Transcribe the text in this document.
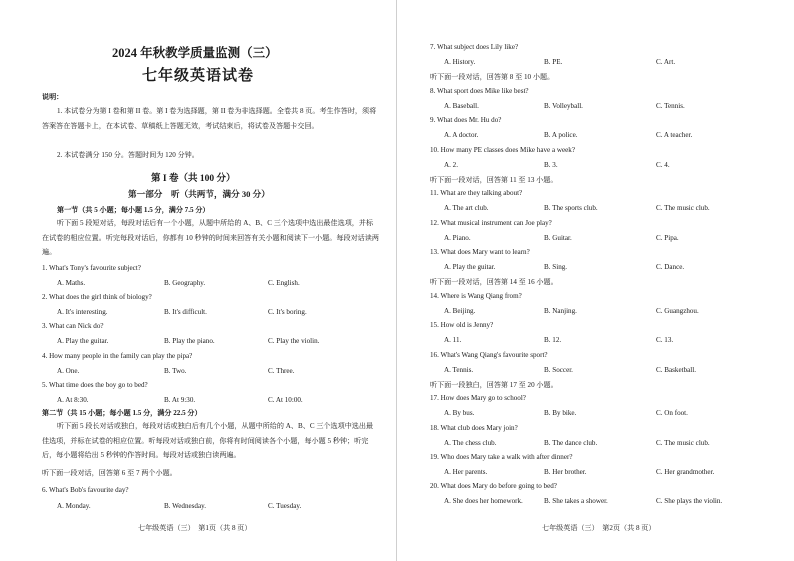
2024 年秋教学质量监测（三）
七年级英语试卷
说明：
1. 本试卷分为第 I 卷和第 II 卷。第 I 卷为选择题，第 II 卷为非选择题。全卷共 8 页。考生作答时，须将答案答在答题卡上，在本试卷、草稿纸上答题无效，考试结束后，将试卷及答题卡交回。
2. 本试卷满分 150 分。答题时间为 120 分钟。
第 I 卷（共 100 分）
第一部分　听（共两节，满分 30 分）
第一节（共 5 小题；每小题 1.5 分，满分 7.5 分）
听下面 5 段短对话，每段对话后有一个小题，从题中所给的 A、B、C 三个选项中选出最佳选项，并标在试卷的相应位置。听完每段对话后，你都有 10 秒钟的时间来回答有关小题和阅读下一小题。每段对话读两遍。
1. What's Tony's favourite subject?
A. Maths.	B. Geography.	C. English.
2. What does the girl think of biology?
A. It's interesting.	B. It's difficult.	C. It's boring.
3. What can Nick do?
A. Play the guitar.	B. Play the piano.	C. Play the violin.
4. How many people in the family can play the pipa?
A. One.	B. Two.	C. Three.
5. What time does the boy go to bed?
A. At 8:30.	B. At 9:30.	C. At 10:00.
第二节（共 15 小题；每小题 1.5 分，满分 22.5 分）
听下面 5 段长对话或独白，每段对话或独白后有几个小题，从题中所给的 A、B、C 三个选项中选出最佳选项，并标在试卷的相应位置。听每段对话或独白前，你将有时间阅读各个小题，每小题 5 秒钟；听完后，每小题将给出 5 秒钟的作答时间。每段对话或独白读两遍。
听下面一段对话，回答第 6 至 7 两个小题。
6. What's Bob's favourite day?
A. Monday.	B. Wednesday.	C. Tuesday.
七年级英语（三）　第1页（共 8 页）
7. What subject does Lily like?
A. History.	B. PE.	C. Art.
听下面一段对话，回答第 8 至 10 小题。
8. What sport does Mike like best?
A. Baseball.	B. Volleyball.	C. Tennis.
9. What does Mr. Hu do?
A. A doctor.	B. A police.	C. A teacher.
10. How many PE classes does Mike have a week?
A. 2.	B. 3.	C. 4.
听下面一段对话，回答第 11 至 13 小题。
11. What are they talking about?
A. The art club.	B. The sports club.	C. The music club.
12. What musical instrument can Joe play?
A. Piano.	B. Guitar.	C. Pipa.
13. What does Mary want to learn?
A. Play the guitar.	B. Sing.	C. Dance.
听下面一段对话，回答第 14 至 16 小题。
14. Where is Wang Qiang from?
A. Beijing.	B. Nanjing.	C. Guangzhou.
15. How old is Jenny?
A. 11.	B. 12.	C. 13.
16. What's Wang Qiang's favourite sport?
A. Tennis.	B. Soccer.	C. Basketball.
听下面一段独白，回答第 17 至 20 小题。
17. How does Mary go to school?
A. By bus.	B. By bike.	C. On foot.
18. What club does Mary join?
A. The chess club.	B. The dance club.	C. The music club.
19. Who does Mary take a walk with after dinner?
A. Her parents.	B. Her brother.	C. Her grandmother.
20. What does Mary do before going to bed?
A. She does her homework.	B. She takes a shower.	C. She plays the violin.
七年级英语（三）　第2页（共 8 页）
